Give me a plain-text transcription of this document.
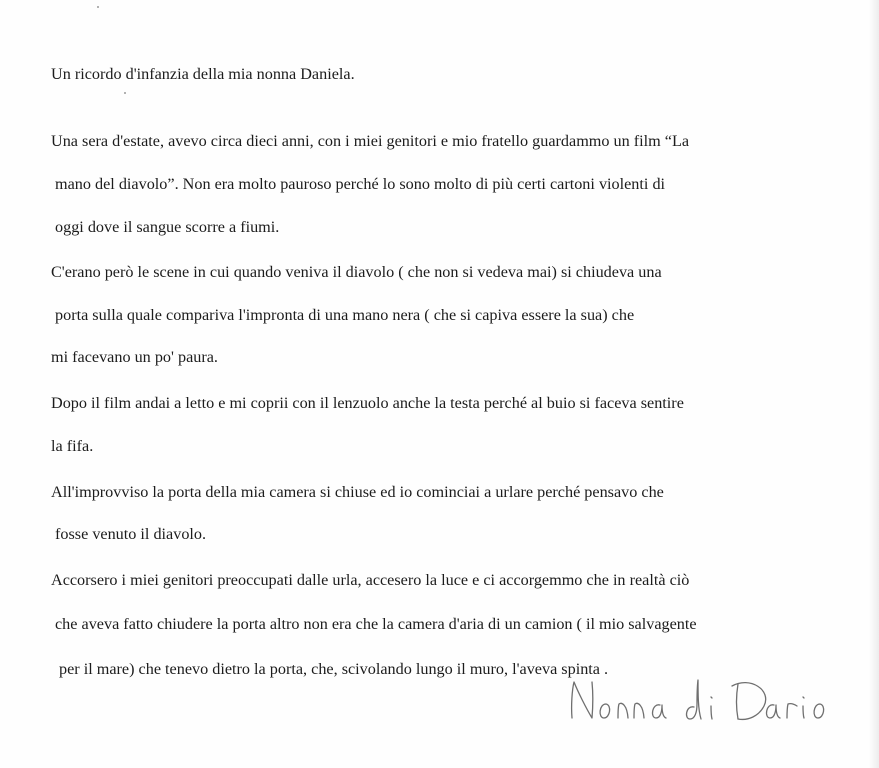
Un ricordo d'infanzia della mia nonna Daniela.
Una sera d'estate, avevo circa dieci anni, con i miei genitori e mio fratello guardammo un film “La
mano del diavolo”. Non era molto pauroso perché lo sono molto di più certi cartoni violenti di
oggi dove il sangue scorre a fiumi.
C'erano però le scene in cui quando veniva il diavolo ( che non si vedeva mai) si chiudeva una
porta sulla quale compariva l'impronta di una mano nera ( che si capiva essere la sua) che
mi facevano un po' paura.
Dopo il film andai a letto e mi coprii con il lenzuolo anche la testa perché al buio si faceva sentire
la fifa.
All'improvviso la porta della mia camera si chiuse ed io cominciai a urlare perché pensavo che
fosse venuto il diavolo.
Accorsero i miei genitori preoccupati dalle urla, accesero la luce e ci accorgemmo che in realtà ciò
che aveva fatto chiudere la porta altro non era che la camera d'aria di un camion ( il mio salvagente
per il mare) che tenevo dietro la porta, che, scivolando lungo il muro, l'aveva spinta .
Nonna di Dario
